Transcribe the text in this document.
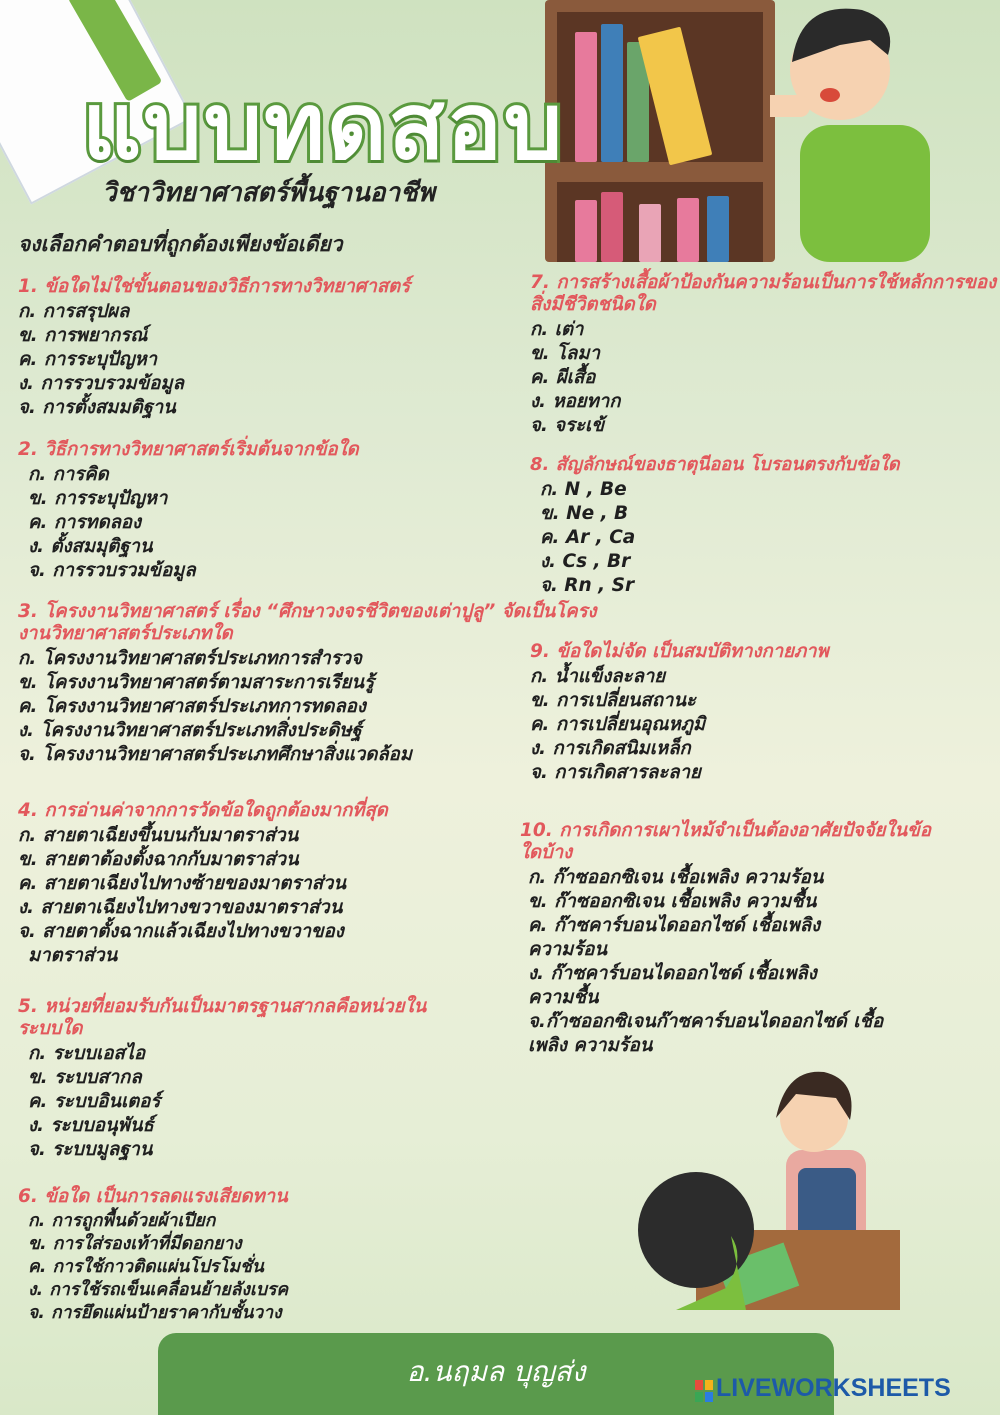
แบบทดสอบ
วิชาวิทยาศาสตร์พื้นฐานอาชีพ
จงเลือกคำตอบที่ถูกต้องเพียงข้อเดียว
1. ข้อใดไม่ใช่ขั้นตอนของวิธีการทางวิทยาศาสตร์
ก. การสรุปผล
ข. การพยากรณ์
ค. การระบุปัญหา
ง. การรวบรวมข้อมูล
จ. การตั้งสมมติฐาน
2. วิธีการทางวิทยาศาสตร์เริ่มต้นจากข้อใด
ก. การคิด
ข. การระบุปัญหา
ค. การทดลอง
ง. ตั้งสมมุติฐาน
จ. การรวบรวมข้อมูล
3. โครงงานวิทยาศาสตร์ เรื่อง “ศึกษาวงจรชีวิตของเต่าปูลู” จัดเป็นโครงงานวิทยาศาสตร์ประเภทใด
ก. โครงงานวิทยาศาสตร์ประเภทการสำรวจ
ข. โครงงานวิทยาศาสตร์ตามสาระการเรียนรู้
ค. โครงงานวิทยาศาสตร์ประเภทการทดลอง
ง. โครงงานวิทยาศาสตร์ประเภทสิ่งประดิษฐ์
จ. โครงงานวิทยาศาสตร์ประเภทศึกษาสิ่งแวดล้อม
4. การอ่านค่าจากการวัดข้อใดถูกต้องมากที่สุด
ก. สายตาเฉียงขึ้นบนกับมาตราส่วน
ข. สายตาต้องตั้งฉากกับมาตราส่วน
ค. สายตาเฉียงไปทางซ้ายของมาตราส่วน
ง. สายตาเฉียงไปทางขวาของมาตราส่วน
จ. สายตาตั้งฉากแล้วเฉียงไปทางขวาของ
มาตราส่วน
5. หน่วยที่ยอมรับกันเป็นมาตรฐานสากลคือหน่วยในระบบใด
ก. ระบบเอสไอ
ข. ระบบสากล
ค. ระบบอินเตอร์
ง. ระบบอนุพันธ์
จ. ระบบมูลฐาน
6. ข้อใด เป็นการลดแรงเสียดทาน
ก. การถูกพื้นด้วยผ้าเปียก
ข. การใส่รองเท้าที่มีดอกยาง
ค. การใช้กาวติดแผ่นโปรโมชั่น
ง. การใช้รถเข็นเคลื่อนย้ายลังเบรค
จ. การยึดแผ่นป้ายราคากับชั้นวาง
7. การสร้างเสื้อผ้าป้องกันความร้อนเป็นการใช้หลักการของสิ่งมีชีวิตชนิดใด
ก. เต่า
ข. โลมา
ค. ผีเสื้อ
ง. หอยทาก
จ. จระเข้
8. สัญลักษณ์ของธาตุนีออน โบรอนตรงกับข้อใด
ก. N , Be
ข. Ne , B
ค. Ar , Ca
ง. Cs , Br
จ. Rn , Sr
9. ข้อใดไม่จัด เป็นสมบัติทางกายภาพ
ก. น้ำแข็งละลาย
ข. การเปลี่ยนสถานะ
ค. การเปลี่ยนอุณหภูมิ
ง. การเกิดสนิมเหล็ก
จ. การเกิดสารละลาย
10. การเกิดการเผาไหม้จำเป็นต้องอาศัยปัจจัยในข้อใดบ้าง
ก. ก๊าซออกซิเจน เชื้อเพลิง ความร้อน
ข. ก๊าซออกซิเจน เชื้อเพลิง ความชื้น
ค. ก๊าซคาร์บอนไดออกไซด์ เชื้อเพลิง ความร้อน
ง. ก๊าซคาร์บอนไดออกไซด์ เชื้อเพลิง ความชื้น
จ.ก๊าซออกซิเจนก๊าซคาร์บอนไดออกไซด์ เชื้อเพลิง ความร้อน
อ.นฤมล บุญส่ง	LIVEWORKSHEETS
